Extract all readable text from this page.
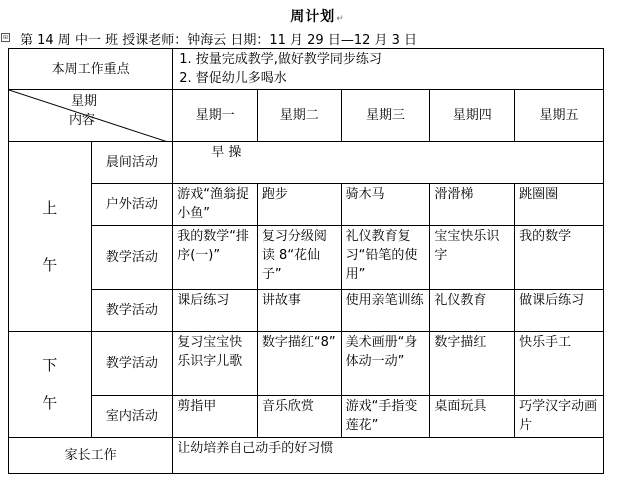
周计划↵
⊞ 第 14 周 中一 班 授课老师：钟海云 日期：11 月 29 日—12 月 3 日
本周工作重点		1. 按量完成教学,做好教学同步练习
2. 督促幼儿多喝水				

星期
内容		星期一	星期二	星期三	星期四	星期五
上

午	晨间活动	早 操				
	户外活动	游戏“渔翁捉小鱼”	跑步	骑木马	滑滑梯	跳圈圈
	教学活动	我的数学“排序(一)”	复习分级阅读 8“花仙子”	礼仪教育复习“铅笔的使用”	宝宝快乐识字	我的数学
	教学活动	课后练习	讲故事	使用亲笔训练	礼仪教育	做课后练习
下

午	教学活动	复习宝宝快乐识字儿歌	数字描红“8”	美术画册“身体动一动”	数字描红	快乐手工
	室内活动	剪指甲	音乐欣赏	游戏“手指变莲花”	桌面玩具	巧学汉字动画片
家长工作		让幼培养自己动手的好习惯				
